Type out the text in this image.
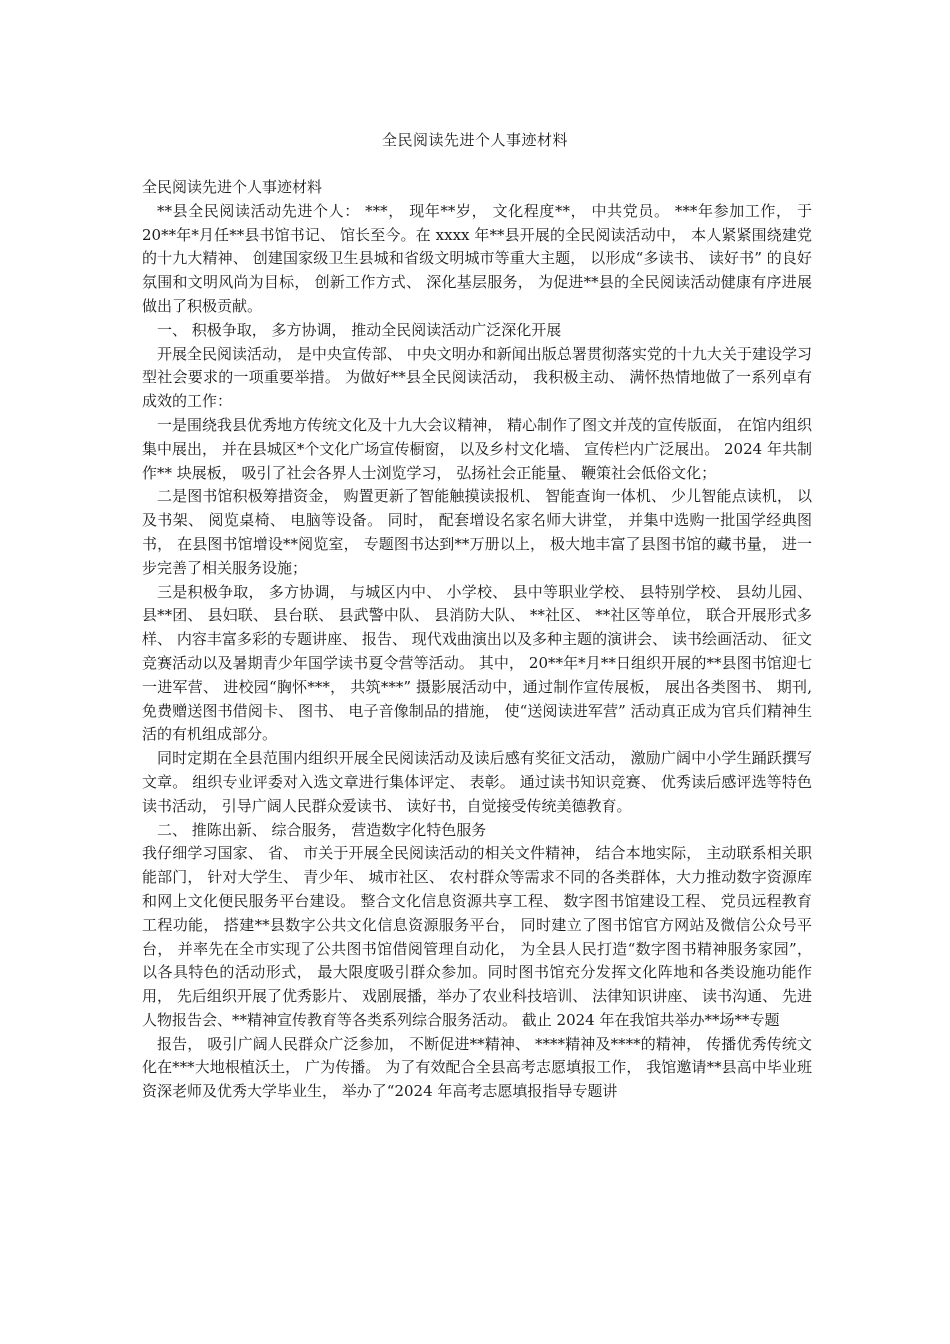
全民阅读先进个人事迹材料

全民阅读先进个人事迹材料

**县全民阅读活动先进个人： ***， 现年**岁， 文化程度**， 中共党员。 ***年参加工作， 于 20**年*月任**县书馆书记、 馆长至今。在 xxxx 年**县开展的全民阅读活动中， 本人紧紧围绕建党的十九大精神、 创建国家级卫生县城和省级文明城市等重大主题， 以形成“多读书、 读好书” 的良好氛围和文明风尚为目标， 创新工作方式、 深化基层服务， 为促进**县的全民阅读活动健康有序进展做出了积极贡献。

一、 积极争取， 多方协调， 推动全民阅读活动广泛深化开展

开展全民阅读活动， 是中央宣传部、 中央文明办和新闻出版总署贯彻落实党的十九大关于建设学习型社会要求的一项重要举措。 为做好**县全民阅读活动， 我积极主动、 满怀热情地做了一系列卓有成效的工作：

一是围绕我县优秀地方传统文化及十九大会议精神， 精心制作了图文并茂的宣传版面， 在馆内组织集中展出， 并在县城区*个文化广场宣传橱窗， 以及乡村文化墙、 宣传栏内广泛展出。 2024 年共制作** 块展板， 吸引了社会各界人士浏览学习， 弘扬社会正能量、 鞭策社会低俗文化；

二是图书馆积极筹措资金， 购置更新了智能触摸读报机、 智能查询一体机、 少儿智能点读机， 以及书架、 阅览桌椅、 电脑等设备。 同时， 配套增设名家名师大讲堂， 并集中选购一批国学经典图书， 在县图书馆增设**阅览室， 专题图书达到**万册以上， 极大地丰富了县图书馆的藏书量， 进一步完善了相关服务设施；

三是积极争取， 多方协调， 与城区内中、 小学校、 县中等职业学校、 县特别学校、 县幼儿园、县**团、 县妇联、 县台联、 县武警中队、 县消防大队、 **社区、 **社区等单位， 联合开展形式多样、 内容丰富多彩的专题讲座、 报告、 现代戏曲演出以及多种主题的演讲会、 读书绘画活动、 征文竞赛活动以及暑期青少年国学读书夏令营等活动。 其中， 20**年*月**日组织开展的**县图书馆迎七一进军营、 进校园“胸怀***， 共筑***” 摄影展活动中，通过制作宣传展板， 展出各类图书、 期刊,免费赠送图书借阅卡、 图书、 电子音像制品的措施， 使“送阅读进军营” 活动真正成为官兵们精神生活的有机组成部分。

同时定期在全县范围内组织开展全民阅读活动及读后感有奖征文活动， 激励广阔中小学生踊跃撰写文章。 组织专业评委对入选文章进行集体评定、 表彰。 通过读书知识竞赛、 优秀读后感评选等特色读书活动， 引导广阔人民群众爱读书、 读好书，自觉接受传统美德教育。

二、 推陈出新、 综合服务， 营造数字化特色服务

我仔细学习国家、 省、 市关于开展全民阅读活动的相关文件精神， 结合本地实际， 主动联系相关职能部门， 针对大学生、 青少年、 城市社区、 农村群众等需求不同的各类群体，大力推动数字资源库和网上文化便民服务平台建设。 整合文化信息资源共享工程、 数字图书馆建设工程、 党员远程教育工程功能， 搭建**县数字公共文化信息资源服务平台， 同时建立了图书馆官方网站及微信公众号平台， 并率先在全市实现了公共图书馆借阅管理自动化， 为全县人民打造“数字图书精神服务家园”， 以各具特色的活动形式， 最大限度吸引群众参加。同时图书馆充分发挥文化阵地和各类设施功能作用， 先后组织开展了优秀影片、 戏剧展播，举办了农业科技培训、 法律知识讲座、 读书沟通、 先进人物报告会、**精神宣传教育等各类系列综合服务活动。 截止 2024 年在我馆共举办**场**专题

报告， 吸引广阔人民群众广泛参加， 不断促进**精神、 ****精神及****的精神， 传播优秀传统文化在***大地根植沃土， 广为传播。 为了有效配合全县高考志愿填报工作， 我馆邀请**县高中毕业班资深老师及优秀大学毕业生， 举办了“2024 年高考志愿填报指导专题讲
